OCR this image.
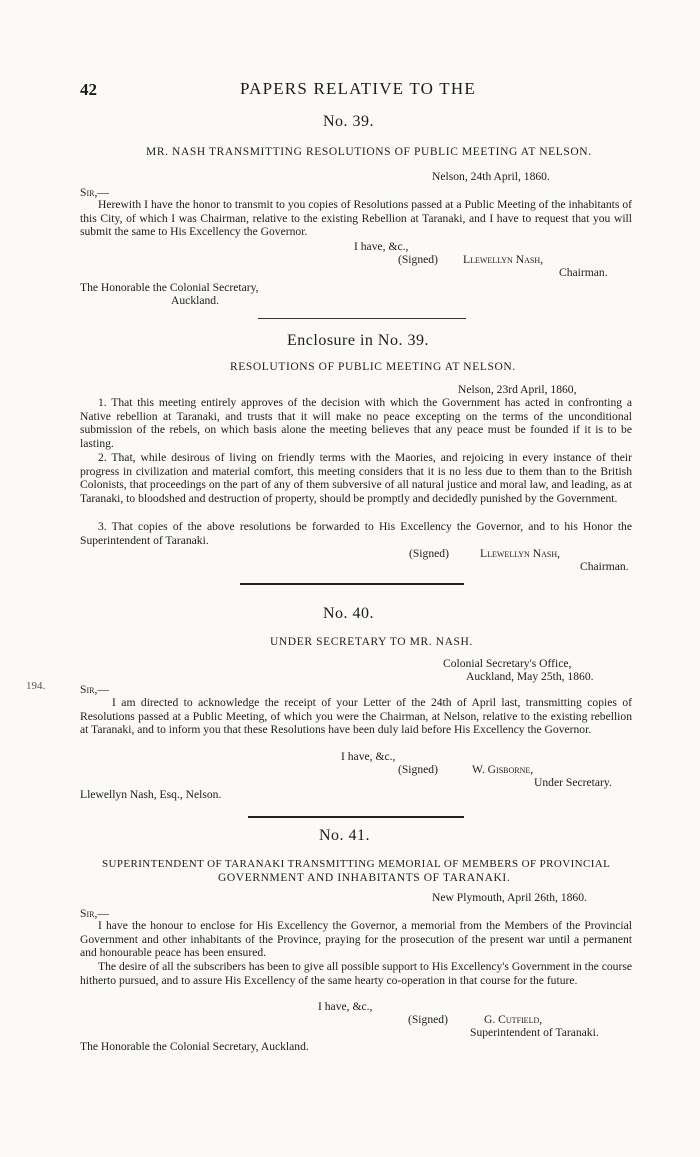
42	PAPERS RELATIVE TO THE
No. 39.
MR. NASH TRANSMITTING RESOLUTIONS OF PUBLIC MEETING AT NELSON.
Nelson, 24th April, 1860.
Sir,—
Herewith I have the honor to transmit to you copies of Resolutions passed at a Public Meeting of the inhabitants of this City, of which I was Chairman, relative to the existing Rebellion at Taranaki, and I have to request that you will submit the same to His Excellency the Governor.
I have, &c.,
(Signed) Llewellyn Nash,
Chairman.
The Honorable the Colonial Secretary,
Auckland.
Enclosure in No. 39.
RESOLUTIONS OF PUBLIC MEETING AT NELSON.
Nelson, 23rd April, 1860,
1. That this meeting entirely approves of the decision with which the Government has acted in confronting a Native rebellion at Taranaki, and trusts that it will make no peace excepting on the terms of the unconditional submission of the rebels, on which basis alone the meeting believes that any peace must be founded if it is to be lasting.
2. That, while desirous of living on friendly terms with the Maories, and rejoicing in every instance of their progress in civilization and material comfort, this meeting considers that it is no less due to them than to the British Colonists, that proceedings on the part of any of them subversive of all natural justice and moral law, and leading, as at Taranaki, to bloodshed and destruction of property, should be promptly and decidedly punished by the Government.
3. That copies of the above resolutions be forwarded to His Excellency the Governor, and to his Honor the Superintendent of Taranaki.
(Signed)	Llewellyn Nash,
Chairman.
No. 40.
UNDER SECRETARY TO MR. NASH.
Colonial Secretary's Office,
Auckland, May 25th, 1860.
194.	Sir,—
I am directed to acknowledge the receipt of your Letter of the 24th of April last, transmitting copies of Resolutions passed at a Public Meeting, of which you were the Chairman, at Nelson, relative to the existing rebellion at Taranaki, and to inform you that these Resolutions have been duly laid before His Excellency the Governor.
I have, &c.,
(Signed)	W. Gisborne,
Under Secretary.
Llewellyn Nash, Esq., Nelson.
No. 41.
SUPERINTENDENT OF TARANAKI TRANSMITTING MEMORIAL OF MEMBERS OF PROVINCIAL
GOVERNMENT AND INHABITANTS OF TARANAKI.
New Plymouth, April 26th, 1860.
Sir,—
I have the honour to enclose for His Excellency the Governor, a memorial from the Members of the Provincial Government and other inhabitants of the Province, praying for the prosecution of the present war until a permanent and honourable peace has been ensured.
The desire of all the subscribers has been to give all possible support to His Excellency's Government in the course hitherto pursued, and to assure His Excellency of the same hearty co-operation in that course for the future.
I have, &c.,
(Signed)	G. Cutfield,
Superintendent of Taranaki.
The Honorable the Colonial Secretary, Auckland.
